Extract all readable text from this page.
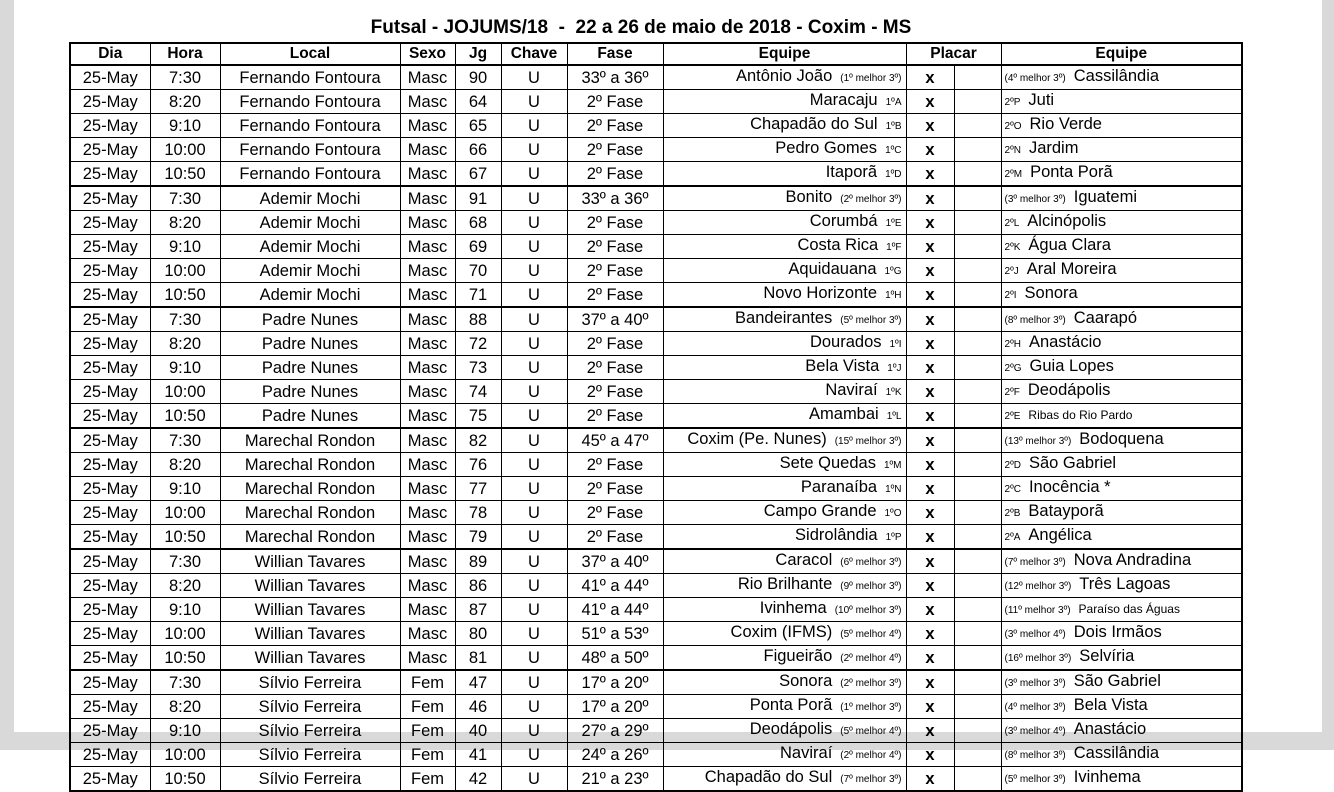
Futsal - JOJUMS/18  -  22 a 26 de maio de 2018 - Coxim - MS
Dia	Hora	Local	Sexo	Jg	Chave	Fase	Equipe	Placar		Equipe
25-May	7:30	Fernando Fontoura	Masc	90	U	33º a 36º	Antônio João (1º melhor 3º)	x		(4º melhor 3º) Cassilândia
25-May	8:20	Fernando Fontoura	Masc	64	U	2º Fase	Maracaju 1ºA	x		2ºP Juti
25-May	9:10	Fernando Fontoura	Masc	65	U	2º Fase	Chapadão do Sul 1ºB	x		2ºO Rio Verde
25-May	10:00	Fernando Fontoura	Masc	66	U	2º Fase	Pedro Gomes 1ºC	x		2ºN Jardim
25-May	10:50	Fernando Fontoura	Masc	67	U	2º Fase	Itaporã 1ºD	x		2ºM Ponta Porã
25-May	7:30	Ademir Mochi	Masc	91	U	33º a 36º	Bonito (2º melhor 3º)	x		(3º melhor 3º) Iguatemi
25-May	8:20	Ademir Mochi	Masc	68	U	2º Fase	Corumbá 1ºE	x		2ºL Alcinópolis
25-May	9:10	Ademir Mochi	Masc	69	U	2º Fase	Costa Rica 1ºF	x		2ºK Água Clara
25-May	10:00	Ademir Mochi	Masc	70	U	2º Fase	Aquidauana 1ºG	x		2ºJ Aral Moreira
25-May	10:50	Ademir Mochi	Masc	71	U	2º Fase	Novo Horizonte 1ºH	x		2ºI Sonora
25-May	7:30	Padre Nunes	Masc	88	U	37º a 40º	Bandeirantes (5º melhor 3º)	x		(8º melhor 3º) Caarapó
25-May	8:20	Padre Nunes	Masc	72	U	2º Fase	Dourados 1ºI	x		2ºH Anastácio
25-May	9:10	Padre Nunes	Masc	73	U	2º Fase	Bela Vista 1ºJ	x		2ºG Guia Lopes
25-May	10:00	Padre Nunes	Masc	74	U	2º Fase	Naviraí 1ºK	x		2ºF Deodápolis
25-May	10:50	Padre Nunes	Masc	75	U	2º Fase	Amambai 1ºL	x		2ºE Ribas do Rio Pardo
25-May	7:30	Marechal Rondon	Masc	82	U	45º a 47º	Coxim (Pe. Nunes) (15º melhor 3º)	x		(13º melhor 3º) Bodoquena
25-May	8:20	Marechal Rondon	Masc	76	U	2º Fase	Sete Quedas 1ºM	x		2ºD São Gabriel
25-May	9:10	Marechal Rondon	Masc	77	U	2º Fase	Paranaíba 1ºN	x		2ºC Inocência *
25-May	10:00	Marechal Rondon	Masc	78	U	2º Fase	Campo Grande 1ºO	x		2ºB Batayporã
25-May	10:50	Marechal Rondon	Masc	79	U	2º Fase	Sidrolândia 1ºP	x		2ºA Angélica
25-May	7:30	Willian Tavares	Masc	89	U	37º a 40º	Caracol (6º melhor 3º)	x		(7º melhor 3º) Nova Andradina
25-May	8:20	Willian Tavares	Masc	86	U	41º a 44º	Rio Brilhante (9º melhor 3º)	x		(12º melhor 3º) Três Lagoas
25-May	9:10	Willian Tavares	Masc	87	U	41º a 44º	Ivinhema (10º melhor 3º)	x		(11º melhor 3º) Paraíso das Águas
25-May	10:00	Willian Tavares	Masc	80	U	51º a 53º	Coxim (IFMS) (5º melhor 4º)	x		(3º melhor 4º) Dois Irmãos
25-May	10:50	Willian Tavares	Masc	81	U	48º a 50º	Figueirão (2º melhor 4º)	x		(16º melhor 3º) Selvíria
25-May	7:30	Sílvio Ferreira	Fem	47	U	17º a 20º	Sonora (2º melhor 3º)	x		(3º melhor 3º) São Gabriel
25-May	8:20	Sílvio Ferreira	Fem	46	U	17º a 20º	Ponta Porã (1º melhor 3º)	x		(4º melhor 3º) Bela Vista
25-May	9:10	Sílvio Ferreira	Fem	40	U	27º a 29º	Deodápolis (5º melhor 4º)	x		(3º melhor 4º) Anastácio
25-May	10:00	Sílvio Ferreira	Fem	41	U	24º a 26º	Naviraí (2º melhor 4º)	x		(8º melhor 3º) Cassilândia
25-May	10:50	Sílvio Ferreira	Fem	42	U	21º a 23º	Chapadão do Sul (7º melhor 3º)	x		(5º melhor 3º) Ivinhema
